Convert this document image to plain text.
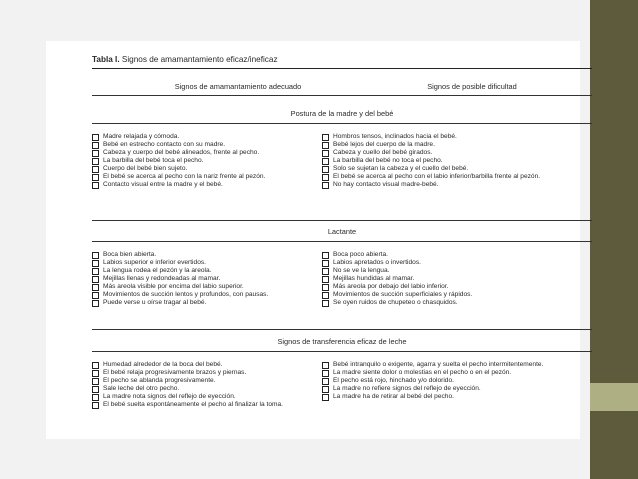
Tabla I. Signos de amamantamiento eficaz/ineficaz
Signos de amamantamiento adecuado	Signos de posible dificultad
Postura de la madre y del bebé
Madre relajada y cómoda.
Bebé en estrecho contacto con su madre.
Cabeza y cuerpo del bebé alineados, frente al pecho.
La barbilla del bebé toca el pecho.
Cuerpo del bebé bien sujeto.
El bebé se acerca al pecho con la nariz frente al pezón.
Contacto visual entre la madre y el bebé.
Hombros tensos, inclinados hacia el bebé.
Bebé lejos del cuerpo de la madre.
Cabeza y cuello del bebé girados.
La barbilla del bebé no toca el pecho.
Solo se sujetan la cabeza y el cuello del bebé.
El bebé se acerca al pecho con el labio inferior/barbilla frente al pezón.
No hay contacto visual madre-bebé.
Lactante
Boca bien abierta.
Labios superior e inferior evertidos.
La lengua rodea el pezón y la areola.
Mejillas llenas y redondeadas al mamar.
Más areola visible por encima del labio superior.
Movimientos de succión lentos y profundos, con pausas.
Puede verse u oírse tragar al bebé.
Boca poco abierta.
Labios apretados o invertidos.
No se ve la lengua.
Mejillas hundidas al mamar.
Más areola por debajo del labio inferior.
Movimientos de succión superficiales y rápidos.
Se oyen ruidos de chupeteo o chasquidos.
Signos de transferencia eficaz de leche
Humedad alrededor de la boca del bebé.
El bebé relaja progresivamente brazos y piernas.
El pecho se ablanda progresivamente.
Sale leche del otro pecho.
La madre nota signos del reflejo de eyección.
El bebé suelta espontáneamente el pecho al finalizar la toma.
Bebé intranquilo o exigente, agarra y suelta el pecho intermitentemente.
La madre siente dolor o molestias en el pecho o en el pezón.
El pecho está rojo, hinchado y/o dolorido.
La madre no refiere signos del reflejo de eyección.
La madre ha de retirar al bebé del pecho.
